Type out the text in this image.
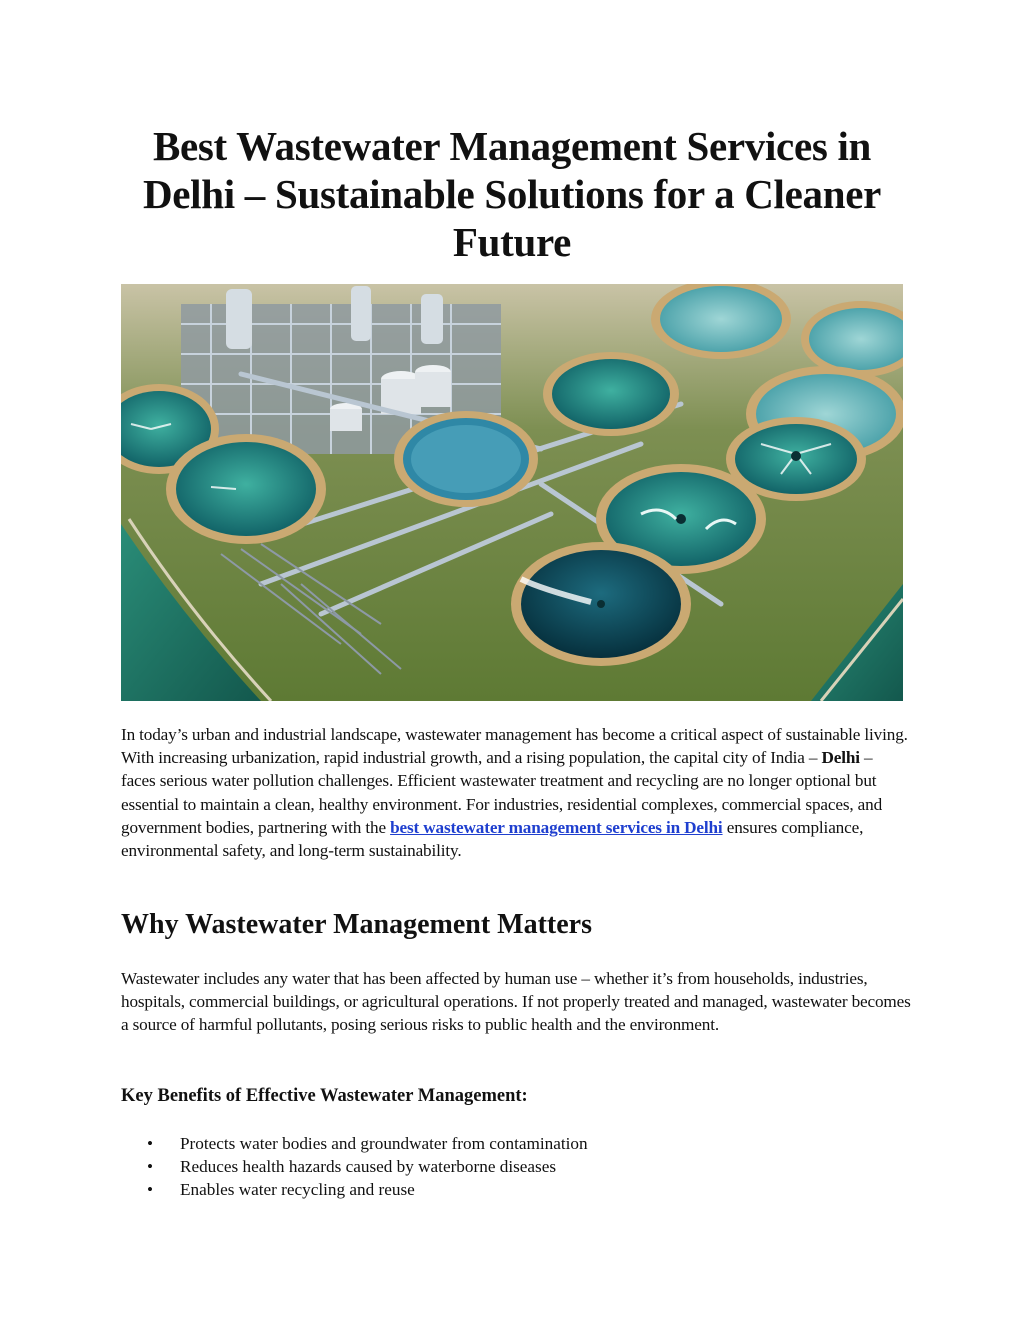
Best Wastewater Management Services in Delhi – Sustainable Solutions for a Cleaner Future

In today’s urban and industrial landscape, wastewater management has become a critical aspect of sustainable living. With increasing urbanization, rapid industrial growth, and a rising population, the capital city of India – Delhi – faces serious water pollution challenges. Efficient wastewater treatment and recycling are no longer optional but essential to maintain a clean, healthy environment. For industries, residential complexes, commercial spaces, and government bodies, partnering with the best wastewater management services in Delhi ensures compliance, environmental safety, and long-term sustainability.

Why Wastewater Management Matters

Wastewater includes any water that has been affected by human use – whether it’s from households, industries, hospitals, commercial buildings, or agricultural operations. If not properly treated and managed, wastewater becomes a source of harmful pollutants, posing serious risks to public health and the environment.

Key Benefits of Effective Wastewater Management:
• Protects water bodies and groundwater from contamination
• Reduces health hazards caused by waterborne diseases
• Enables water recycling and reuse
